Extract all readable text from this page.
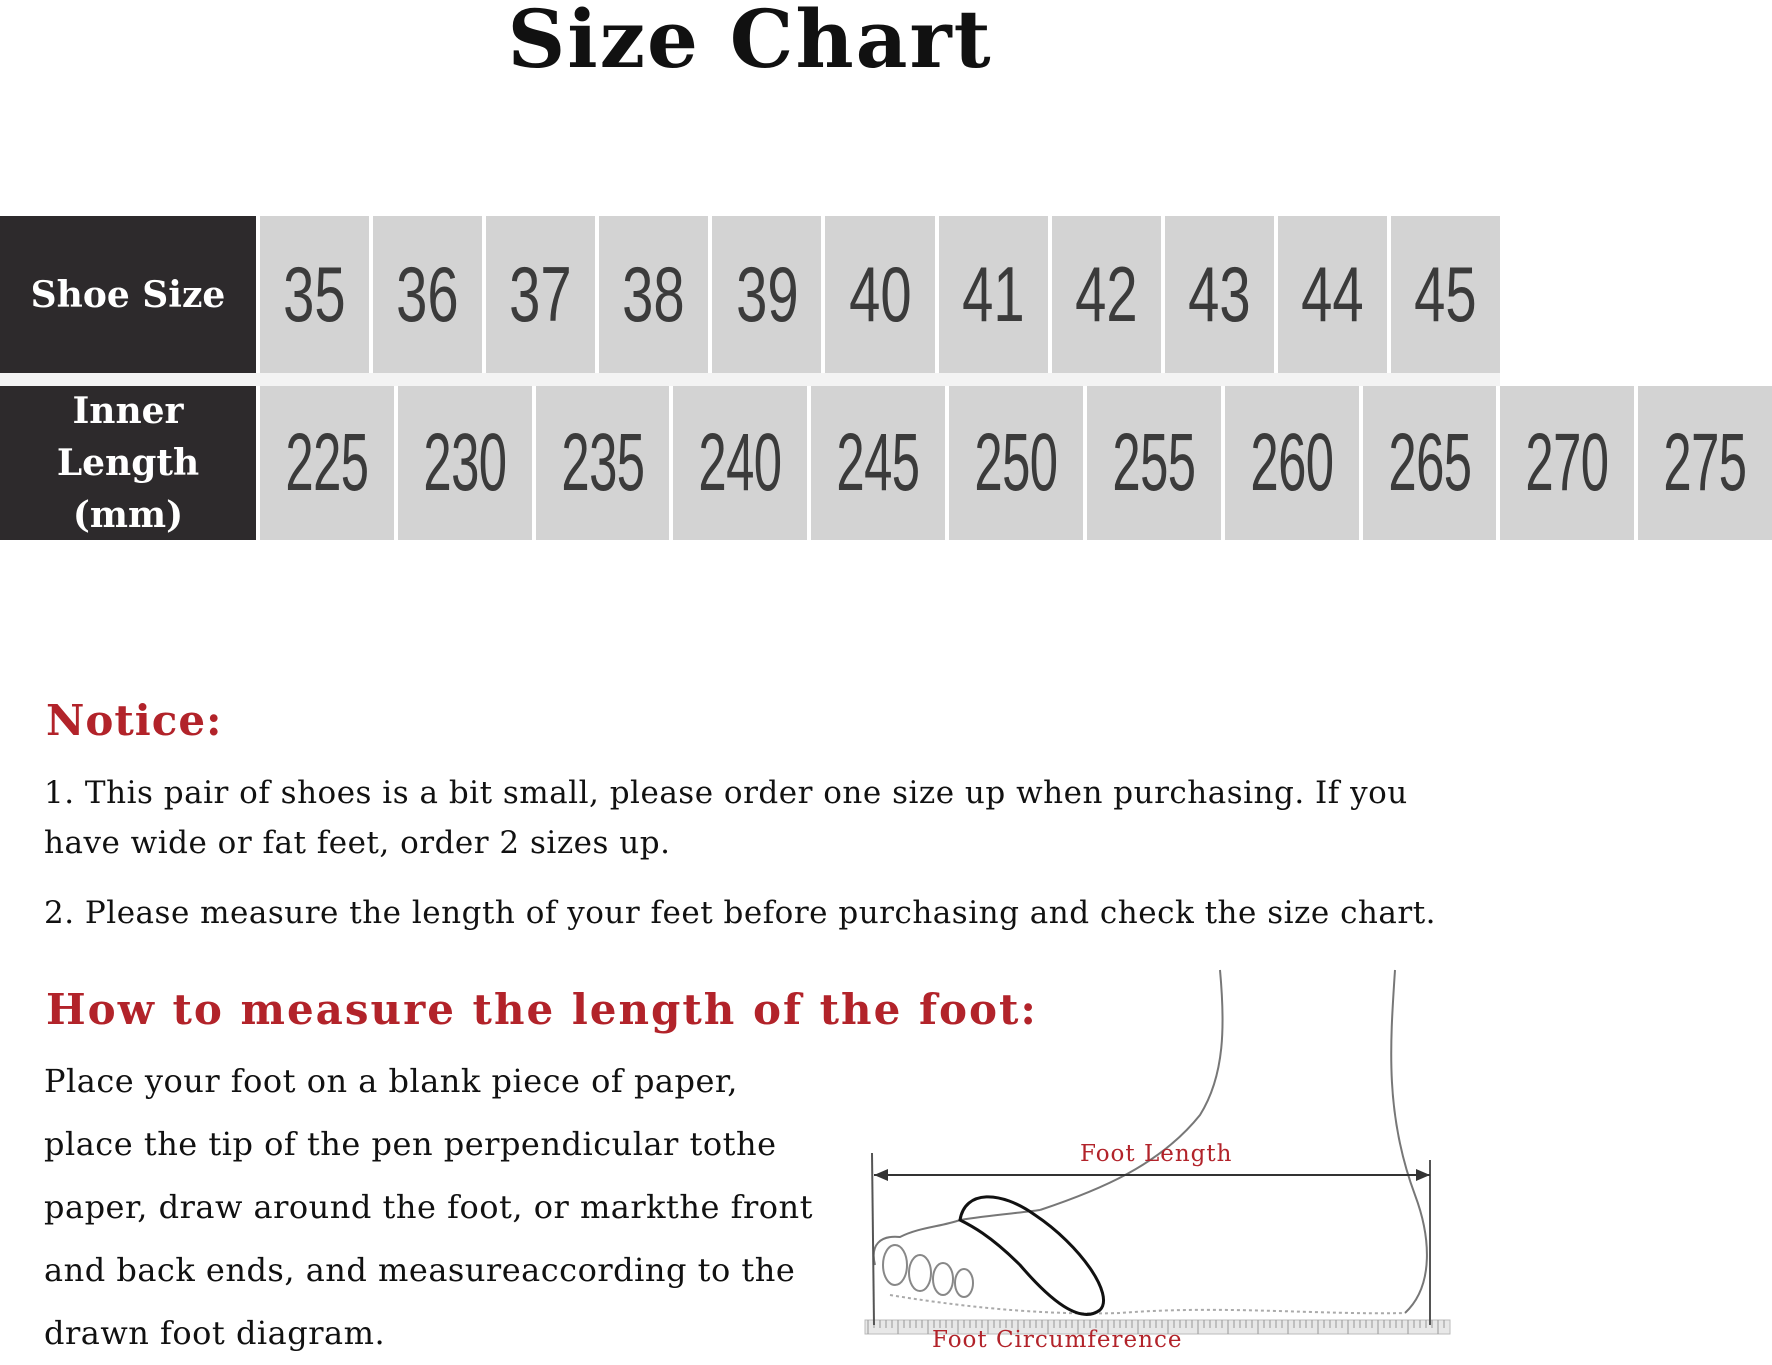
Size Chart
Shoe Size 35 36 37 38 39 40 41 42 43 44 45
Inner Length
(mm)
225 230 235 240 245 250 255 260 265 270 275
Notice:
1. This pair of shoes is a bit small, please order one size up when purchasing. If you have wide or fat feet, order 2 sizes up.
2. Please measure the length of your feet before purchasing and check the size chart.
How to measure the length of the foot:
Place your foot on a blank piece of paper,
place the tip of the pen perpendicular tothe
paper, draw around the foot, or markthe front
and back ends, and measureaccording to the
drawn foot diagram.
Foot Length
Foot Circumference
